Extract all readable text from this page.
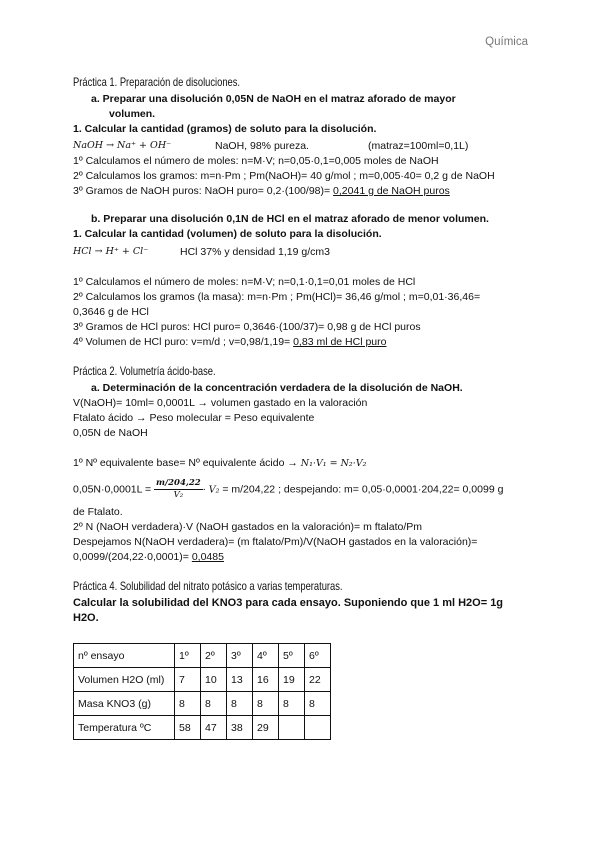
Química
Práctica 1. Preparación de disoluciones.
a. Preparar una disolución 0,05N de NaOH en el matraz aforado de mayor
volumen.
1. Calcular la cantidad (gramos) de soluto para la disolución.
NaOH → Na⁺ + OH⁻	NaOH, 98% pureza.	(matraz=100ml=0,1L)
1º Calculamos el número de moles: n=M·V; n=0,05·0,1=0,005 moles de NaOH
2º Calculamos los gramos: m=n·Pm ; Pm(NaOH)= 40 g/mol ; m=0,005·40= 0,2 g de NaOH
3º Gramos de NaOH puros: NaOH puro= 0,2·(100/98)= 0,2041 g de NaOH puros
b. Preparar una disolución 0,1N de HCl en el matraz aforado de menor volumen.
1. Calcular la cantidad (volumen) de soluto para la disolución.
HCl → H⁺ + Cl⁻	HCl 37% y densidad 1,19 g/cm3
1º Calculamos el número de moles: n=M·V; n=0,1·0,1=0,01 moles de HCl
2º Calculamos los gramos (la masa): m=n·Pm ; Pm(HCl)= 36,46 g/mol ; m=0,01·36,46=
0,3646 g de HCl
3º Gramos de HCl puros: HCl puro= 0,3646·(100/37)= 0,98 g de HCl puros
4º Volumen de HCl puro: v=m/d ; v=0,98/1,19= 0,83 ml de HCl puro
Práctica 2. Volumetría ácido-base.
a. Determinación de la concentración verdadera de la disolución de NaOH.
V(NaOH)= 10ml= 0,0001L → volumen gastado en la valoración
Ftalato ácido → Peso molecular = Peso equivalente
0,05N de NaOH
1º Nº equivalente base= Nº equivalente ácido → N₁·V₁ = N₂·V₂
$0,05N\cdot 0,0001L = \frac{m/204,22}{\text{V₂}} \cdot V_2 = m/204,22$ ; despejando: m= 0,05·0,0001·204,22= 0,0099 g
de Ftalato.
2º N (NaOH verdadera)·V (NaOH gastados en la valoración)= m ftalato/Pm
Despejamos N(NaOH verdadera)= (m ftalato/Pm)/V(NaOH gastados en la valoración)=
0,0099/(204,22·0,0001)= 0,0485
Práctica 4. Solubilidad del nitrato potásico a varias temperaturas.
Calcular la solubilidad del KNO3 para cada ensayo. Suponiendo que 1 ml H2O= 1g
H2O.
nº ensayo	1º	2º	3º	4º	5º	6º
Volumen H2O (ml)	7	10	13	16	19	22
Masa KNO3 (g)	8	8	8	8	8	8
Temperatura ºC	58	47	38	29		
